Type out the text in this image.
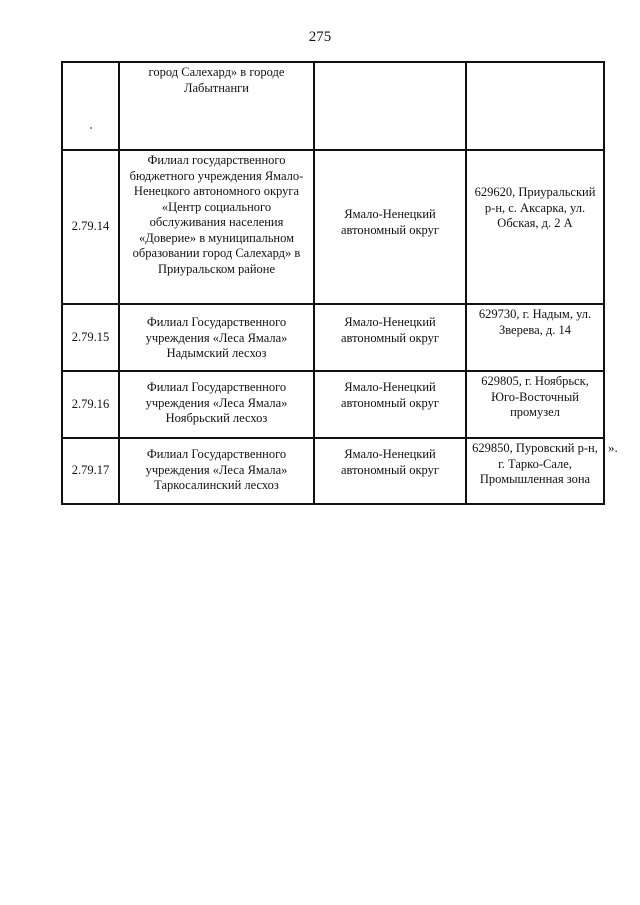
275

	город Салехард» в городе Лабытнанги		

2.79.14	Филиал государственного бюджетного учреждения Ямало-Ненецкого автономного округа «Центр социального обслуживания населения «Доверие» в муниципальном образовании город Салехард» в Приуральском районе	Ямало-Ненецкий автономный округ	629620, Приуральский р-н, с. Аксарка, ул. Обская, д. 2 А

2.79.15	Филиал Государственного учреждения «Леса Ямала» Надымский лесхоз	Ямало-Ненецкий автономный округ	629730, г. Надым, ул. Зверева, д. 14

2.79.16	Филиал Государственного учреждения «Леса Ямала» Ноябрьский лесхоз	Ямало-Ненецкий автономный округ	629805, г. Ноябрьск, Юго-Восточный промузел

2.79.17	Филиал Государственного учреждения «Леса Ямала» Таркосалинский лесхоз	Ямало-Ненецкий автономный округ	629850, Пуровский р-н, г. Тарко-Сале, Промышленная зона
».
